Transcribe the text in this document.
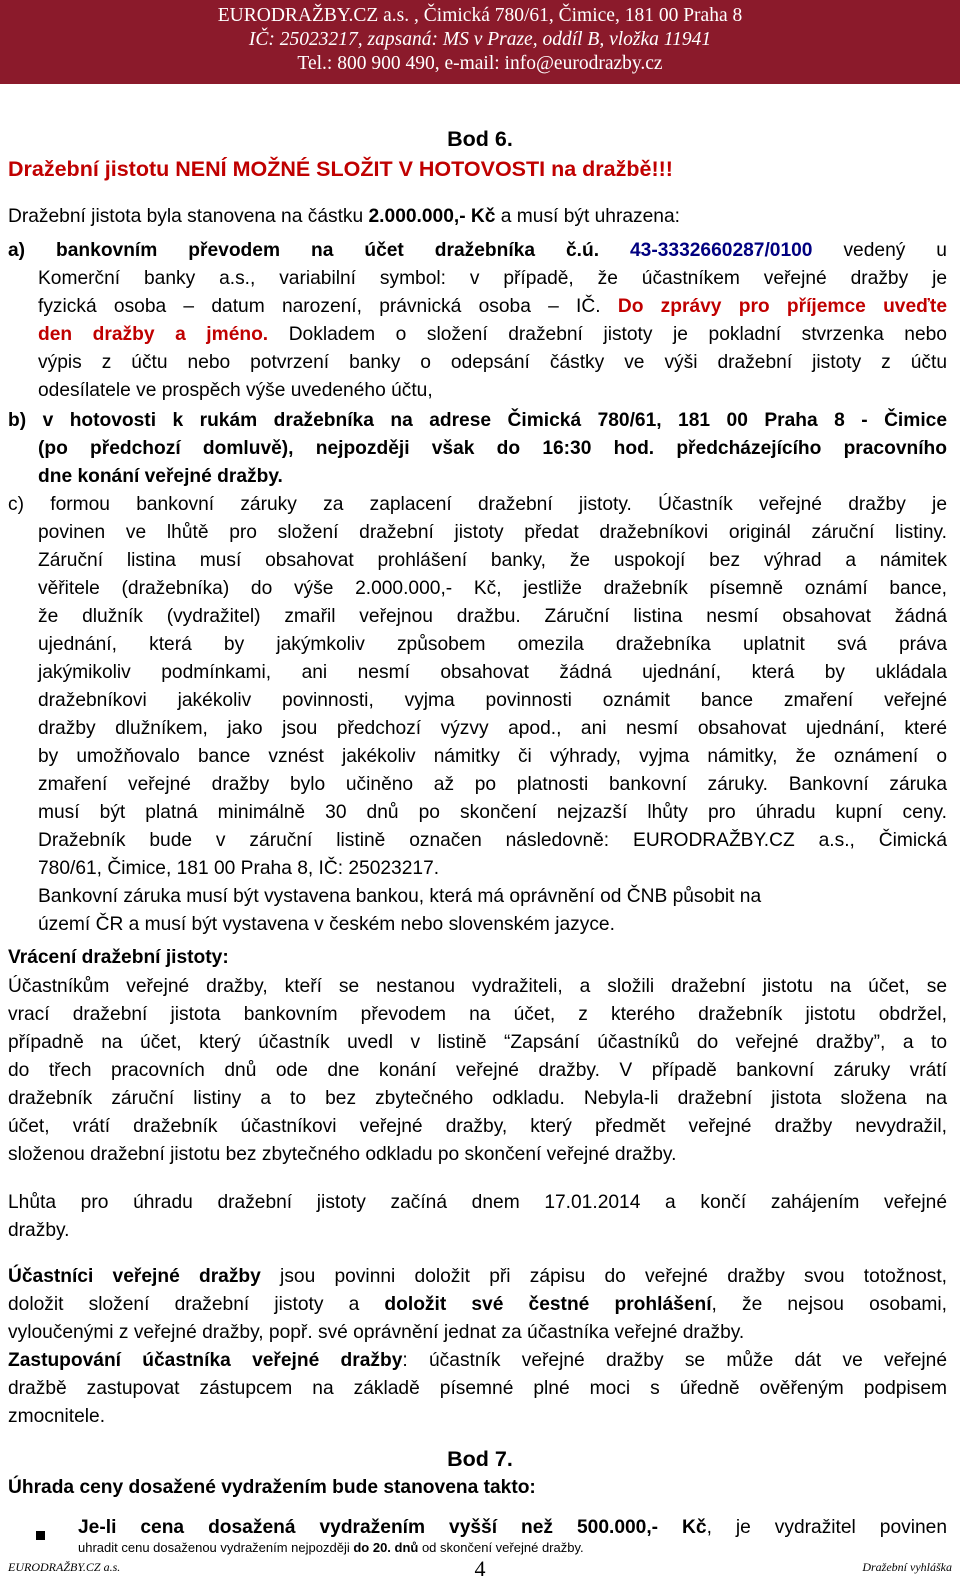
EURODRAŽBY.CZ a.s. , Čimická 780/61, Čimice, 181 00 Praha 8
IČ: 25023217, zapsaná: MS v Praze, oddíl B, vložka 11941
Tel.: 800 900 490, e-mail: info@eurodrazby.cz
Bod 6.
Dražební jistotu NENÍ MOŽNÉ SLOŽIT V HOTOVOSTI na dražbě!!!
Dražební jistota byla stanovena na částku 2.000.000,- Kč a musí být uhrazena:
a) bankovním převodem na účet dražebníka č.ú. 43-3332660287/0100 vedený u
Komerční banky a.s., variabilní symbol: v případě, že účastníkem veřejné dražby je
fyzická osoba – datum narození, právnická osoba – IČ. Do zprávy pro příjemce uveďte
den dražby a jméno. Dokladem o složení dražební jistoty je pokladní stvrzenka nebo
výpis z účtu nebo potvrzení banky o odepsání částky ve výši dražební jistoty z účtu
odesílatele ve prospěch výše uvedeného účtu,
b) v hotovosti k rukám dražebníka na adrese Čimická 780/61, 181 00 Praha 8 - Čimice
(po předchozí domluvě), nejpozději však do 16:30 hod. předcházejícího pracovního
dne konání veřejné dražby.
c) formou bankovní záruky za zaplacení dražební jistoty. Účastník veřejné dražby je
povinen ve lhůtě pro složení dražební jistoty předat dražebníkovi originál záruční listiny.
Záruční listina musí obsahovat prohlášení banky, že uspokojí bez výhrad a námitek
věřitele (dražebníka) do výše 2.000.000,- Kč, jestliže dražebník písemně oznámí bance,
že dlužník (vydražitel) zmařil veřejnou dražbu. Záruční listina nesmí obsahovat žádná
ujednání, která by jakýmkoliv způsobem omezila dražebníka uplatnit svá práva
jakýmikoliv podmínkami, ani nesmí obsahovat žádná ujednání, která by ukládala
dražebníkovi jakékoliv povinnosti, vyjma povinnosti oznámit bance zmaření veřejné
dražby dlužníkem, jako jsou předchozí výzvy apod., ani nesmí obsahovat ujednání, které
by umožňovalo bance vznést jakékoliv námitky či výhrady, vyjma námitky, že oznámení o
zmaření veřejné dražby bylo učiněno až po platnosti bankovní záruky. Bankovní záruka
musí být platná minimálně 30 dnů po skončení nejzazší lhůty pro úhradu kupní ceny.
Dražebník bude v záruční listině označen následovně: EURODRAŽBY.CZ a.s., Čimická
780/61, Čimice, 181 00 Praha 8, IČ: 25023217.
Bankovní záruka musí být vystavena bankou, která má oprávnění od ČNB působit na
území ČR a musí být vystavena v českém nebo slovenském jazyce.
Vrácení dražební jistoty:
Účastníkům veřejné dražby, kteří se nestanou vydražiteli, a složili dražební jistotu na účet, se
vrací dražební jistota bankovním převodem na účet, z kterého dražebník jistotu obdržel,
případně na účet, který účastník uvedl v listině “Zapsání účastníků do veřejné dražby”, a to
do třech pracovních dnů ode dne konání veřejné dražby. V případě bankovní záruky vrátí
dražebník záruční listiny a to bez zbytečného odkladu. Nebyla-li dražební jistota složena na
účet, vrátí dražebník účastníkovi veřejné dražby, který předmět veřejné dražby nevydražil,
složenou dražební jistotu bez zbytečného odkladu po skončení veřejné dražby.
Lhůta pro úhradu dražební jistoty začíná dnem 17.01.2014 a končí zahájením veřejné
dražby.
Účastníci veřejné dražby jsou povinni doložit při zápisu do veřejné dražby svou totožnost,
doložit složení dražební jistoty a doložit své čestné prohlášení, že nejsou osobami,
vyloučenými z veřejné dražby, popř. své oprávnění jednat za účastníka veřejné dražby.
Zastupování účastníka veřejné dražby: účastník veřejné dražby se může dát ve veřejné
dražbě zastupovat zástupcem na základě písemné plné moci s úředně ověřeným podpisem
zmocnitele.
Bod 7.
Úhrada ceny dosažené vydražením bude stanovena takto:
Je-li cena dosažená vydražením vyšší než 500.000,- Kč, je vydražitel povinen
EURODRAŽBY.CZ a.s.	4	Dražební vyhláška
uhradit cenu dosaženou vydražením nejpozději do 20. dnů od skončení veřejné dražby.
